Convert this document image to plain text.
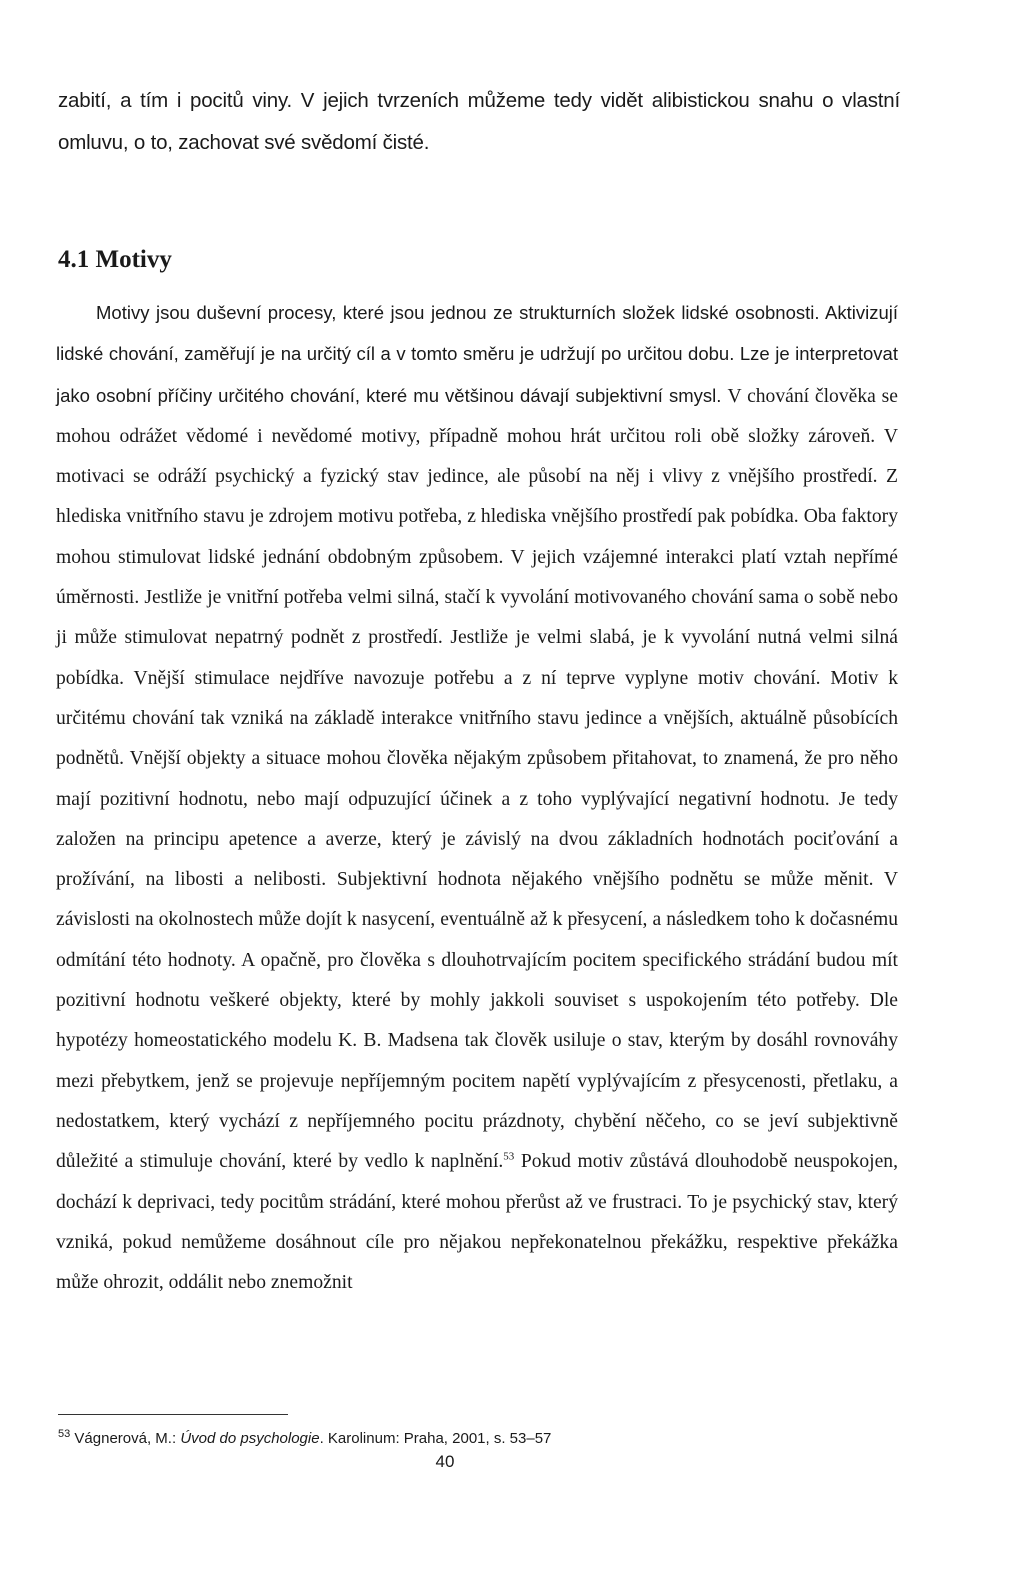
zabití, a tím i pocitů viny. V jejich tvrzeních můžeme tedy vidět alibistickou snahu o vlastní omluvu, o to, zachovat své svědomí čisté.

4.1 Motivy

Motivy jsou duševní procesy, které jsou jednou ze strukturních složek lidské osobnosti. Aktivizují lidské chování, zaměřují je na určitý cíl a v tomto směru je udržují po určitou dobu. Lze je interpretovat jako osobní příčiny určitého chování, které mu většinou dávají subjektivní smysl. V chování člověka se mohou odrážet vědomé i nevědomé motivy, případně mohou hrát určitou roli obě složky zároveň. V motivaci se odráží psychický a fyzický stav jedince, ale působí na něj i vlivy z vnějšího prostředí. Z hlediska vnitřního stavu je zdrojem motivu potřeba, z hlediska vnějšího prostředí pak pobídka. Oba faktory mohou stimulovat lidské jednání obdobným způsobem. V jejich vzájemné interakci platí vztah nepřímé úměrnosti. Jestliže je vnitřní potřeba velmi silná, stačí k vyvolání motivovaného chování sama o sobě nebo ji může stimulovat nepatrný podnět z prostředí. Jestliže je velmi slabá, je k vyvolání nutná velmi silná pobídka. Vnější stimulace nejdříve navozuje potřebu a z ní teprve vyplyne motiv chování. Motiv k určitému chování tak vzniká na základě interakce vnitřního stavu jedince a vnějších, aktuálně působících podnětů. Vnější objekty a situace mohou člověka nějakým způsobem přitahovat, to znamená, že pro něho mají pozitivní hodnotu, nebo mají odpuzující účinek a z toho vyplývající negativní hodnotu. Je tedy založen na principu apetence a averze, který je závislý na dvou základních hodnotách pociťování a prožívání, na libosti a nelibosti. Subjektivní hodnota nějakého vnějšího podnětu se může měnit. V závislosti na okolnostech může dojít k nasycení, eventuálně až k přesycení, a následkem toho k dočasnému odmítání této hodnoty. A opačně, pro člověka s dlouhotrvajícím pocitem specifického strádání budou mít pozitivní hodnotu veškeré objekty, které by mohly jakkoli souviset s uspokojením této potřeby. Dle hypotézy homeostatického modelu K. B. Madsena tak člověk usiluje o stav, kterým by dosáhl rovnováhy mezi přebytkem, jenž se projevuje nepříjemným pocitem napětí vyplývajícím z přesycenosti, přetlaku, a nedostatkem, který vychází z nepříjemného pocitu prázdnoty, chybění něčeho, co se jeví subjektivně důležité a stimuluje chování, které by vedlo k naplnění.$^{53}$ Pokud motiv zůstává dlouhodobě neuspokojen, dochází k deprivaci, tedy pocitům strádání, které mohou přerůst až ve frustraci. To je psychický stav, který vzniká, pokud nemůžeme dosáhnout cíle pro nějakou nepřekonatelnou překážku, respektive překážka může ohrozit, oddálit nebo znemožnit

$^{53}$ Vágnerová, M.: Úvod do psychologie. Karolinum: Praha, 2001, s. 53–57
40
